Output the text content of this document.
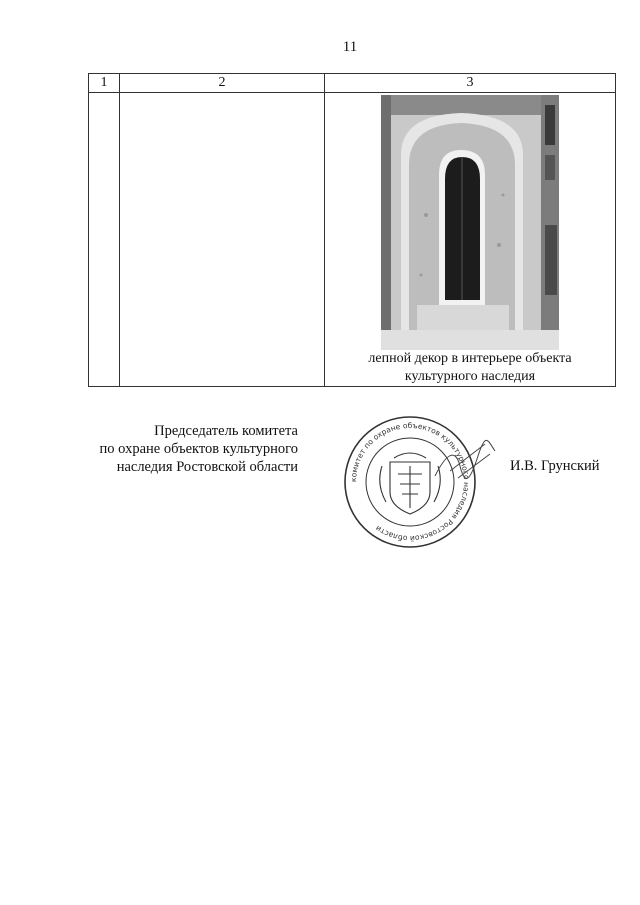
11
1	2	3

		лепной декор в интерьере объекта
культурного наследия
Председатель комитета
по охране объектов культурного
наследия Ростовской области
комитет по охране объектов культурного наследия Ростовской области
И.В. Грунский
